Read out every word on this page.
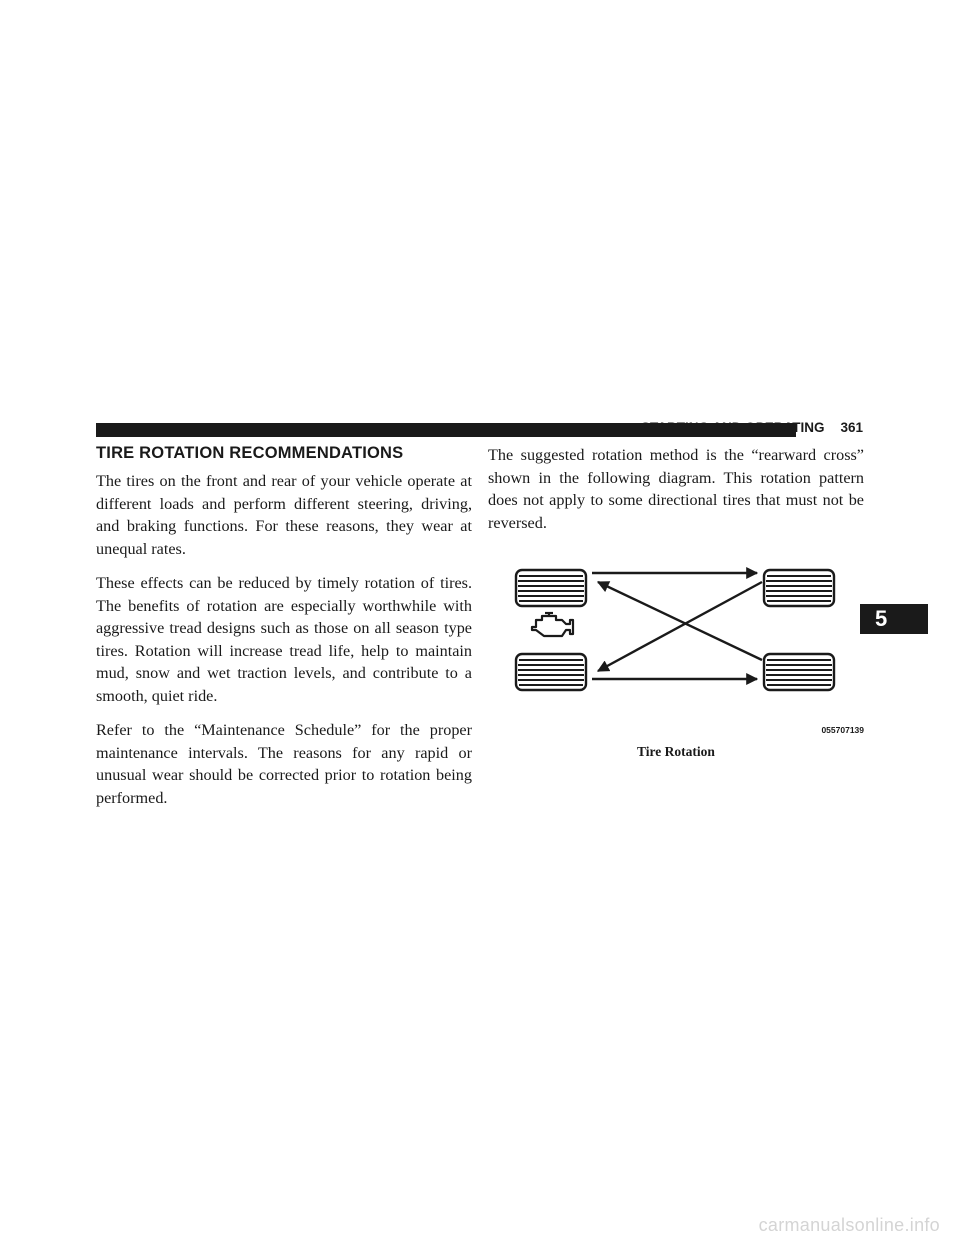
STARTING AND OPERATING 361
TIRE ROTATION RECOMMENDATIONS

The tires on the front and rear of your vehicle operate at different loads and perform different steering, driving, and braking functions. For these reasons, they wear at unequal rates.

These effects can be reduced by timely rotation of tires. The benefits of rotation are especially worthwhile with aggressive tread designs such as those on all season type tires. Rotation will increase tread life, help to maintain mud, snow and wet traction levels, and contribute to a smooth, quiet ride.

Refer to the “Maintenance Schedule” for the proper maintenance intervals. The reasons for any rapid or unusual wear should be corrected prior to rotation being performed.

The suggested rotation method is the “rearward cross” shown in the following diagram. This rotation pattern does not apply to some directional tires that must not be reversed.

055707139
Tire Rotation
5
carmanualsonline.info
